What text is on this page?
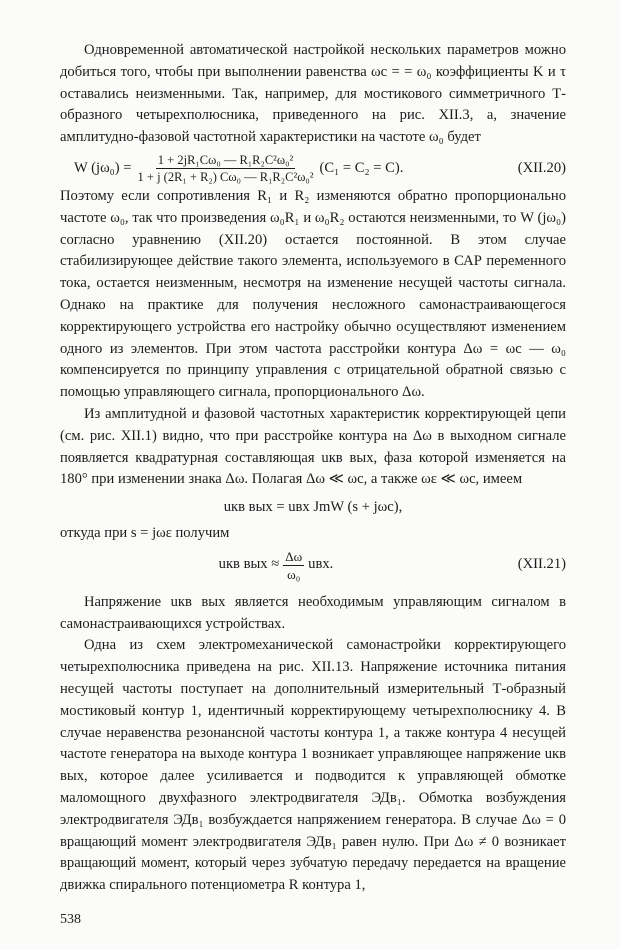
Одновременной автоматической настройкой нескольких параметров можно добиться того, чтобы при выполнении равенства ωс = = ω₀ коэффициенты K и τ оставались неизменными. Так, например, для мостикового симметричного Т-образного четырехполюсника, приведенного на рис. XII.3, а, значение амплитудно-фазовой частотной характеристики на частоте ω₀ будет

W $(j\omega_0) = \frac{\text{1 + 2jR₁Cω₀ — R₁R₂C²ω₀²}}{\text{1 + j (2R₁ + R₂) Cω₀ — R₁R₂C²ω₀²}} (C_1 = C_2 = C)$.	(XII.20)

Поэтому если сопротивления R₁ и R₂ изменяются обратно пропорционально частоте ω₀, так что произведения ω₀R₁ и ω₀R₂ остаются неизменными, то W (jω₀) согласно уравнению (XII.20) остается постоянной. В этом случае стабилизирующее действие такого элемента, используемого в САР переменного тока, остается неизменным, несмотря на изменение несущей частоты сигнала. Однако на практике для получения несложного самонастраивающегося корректирующего устройства его настройку обычно осуществляют изменением одного из элементов. При этом частота расстройки контура Δω = ωс — ω₀ компенсируется по принципу управления с отрицательной обратной связью с помощью управляющего сигнала, пропорционального Δω.

Из амплитудной и фазовой частотных характеристик корректирующей цепи (см. рис. XII.1) видно, что при расстройке контура на Δω в выходном сигнале появляется квадратурная составляющая uкв вых, фаза которой изменяется на 180° при изменении знака Δω. Полагая Δω ≪ ωс, а также ωε ≪ ωс, имеем

uкв вых = uвх JmW (s + jωс),

откуда при s = jωε получим

uкв вых ≈ $\frac{\Delta\omega}{\text{ω₀}}$ uвх.	(XII.21)

Напряжение uкв вых является необходимым управляющим сигналом в самонастраивающихся устройствах.

Одна из схем электромеханической самонастройки корректирующего четырехполюсника приведена на рис. XII.13. Напряжение источника питания несущей частоты поступает на дополнительный измерительный Т-образный мостиковый контур 1, идентичный корректирующему четырехполюснику 4. В случае неравенства резонансной частоты контура 1, а также контура 4 несущей частоте генератора на выходе контура 1 возникает управляющее напряжение uкв вых, которое далее усиливается и подводится к управляющей обмотке маломощного двухфазного электродвигателя ЭДв₁. Обмотка возбуждения электродвигателя ЭДв₁ возбуждается напряжением генератора. В случае Δω = 0 вращающий момент электродвигателя ЭДв₁ равен нулю. При Δω ≠ 0 возникает вращающий момент, который через зубчатую передачу передается на вращение движка спирального потенциометра R контура 1,

538
